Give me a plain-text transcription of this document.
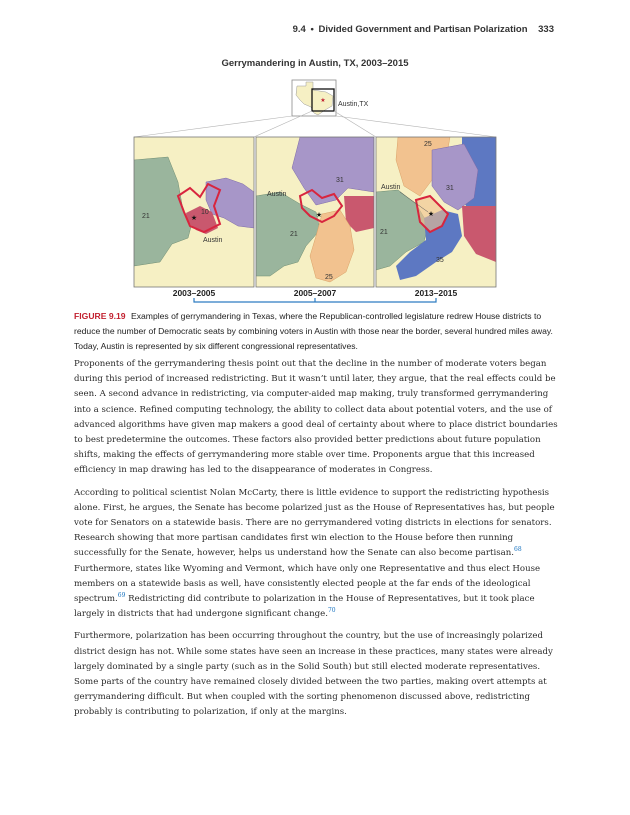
9.4 • Divided Government and Partisan Polarization 333
Gerrymandering in Austin, TX, 2003–2015
★
Austin,TX
21
10
Austin
★
Austin
31
21
25
★
25
Austin	31
21
35
★
2003–2005	2005–2007	2013–2015
FIGURE 9.19 Examples of gerrymandering in Texas, where the Republican-controlled legislature redrew House districts to reduce the number of Democratic seats by combining voters in Austin with those near the border, several hundred miles away. Today, Austin is represented by six different congressional representatives.

Proponents of the gerrymandering thesis point out that the decline in the number of moderate voters began during this period of increased redistricting. But it wasn’t until later, they argue, that the real effects could be seen. A second advance in redistricting, via computer-aided map making, truly transformed gerrymandering into a science. Refined computing technology, the ability to collect data about potential voters, and the use of advanced algorithms have given map makers a good deal of certainty about where to place district boundaries to best predetermine the outcomes. These factors also provided better predictions about future population shifts, making the effects of gerrymandering more stable over time. Proponents argue that this increased efficiency in map drawing has led to the disappearance of moderates in Congress.

According to political scientist Nolan McCarty, there is little evidence to support the redistricting hypothesis alone. First, he argues, the Senate has become polarized just as the House of Representatives has, but people vote for Senators on a statewide basis. There are no gerrymandered voting districts in elections for senators. Research showing that more partisan candidates first win election to the House before then running successfully for the Senate, however, helps us understand how the Senate can also become partisan.$^{68}$ Furthermore, states like Wyoming and Vermont, which have only one Representative and thus elect House members on a statewide basis as well, have consistently elected people at the far ends of the ideological spectrum.$^{69}$ Redistricting did contribute to polarization in the House of Representatives, but it took place largely in districts that had undergone significant change.$^{70}$

Furthermore, polarization has been occurring throughout the country, but the use of increasingly polarized district design has not. While some states have seen an increase in these practices, many states were already largely dominated by a single party (such as in the Solid South) but still elected moderate representatives. Some parts of the country have remained closely divided between the two parties, making overt attempts at gerrymandering difficult. But when coupled with the sorting phenomenon discussed above, redistricting probably is contributing to polarization, if only at the margins.
